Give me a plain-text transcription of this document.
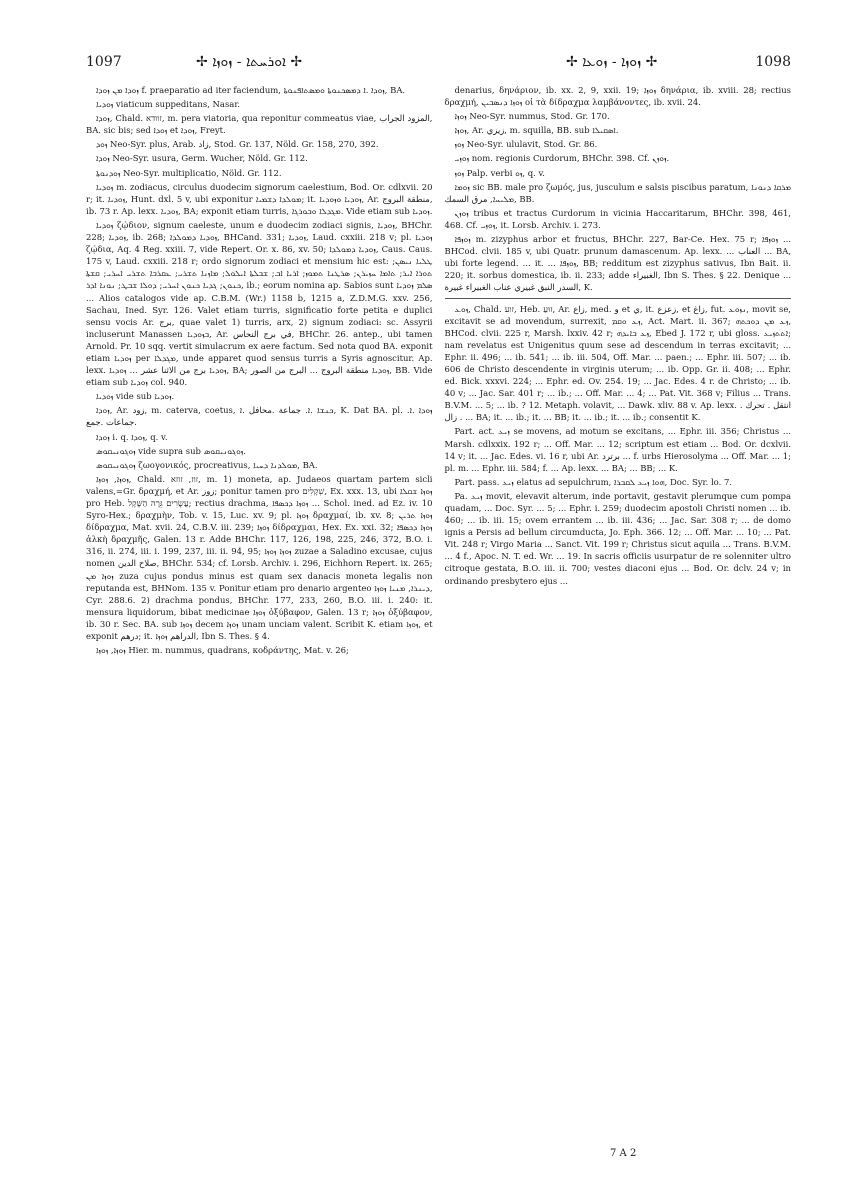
1097	✢ ܐܘܪܚܬܐ - ܙܘܙܐ ✢	✢ ܙܘܙܐ - ܙܘܥܐ ✢	1098

ܙܘܕܐ ܡܢ ܙܘܕܐ f. praeparatio ad iter faciendum, ܙܘܕܐ .ܐ ܕܡܣܟܢܘܬܐ ܘܡܣܬܐܦܢܘܬܐ, BA.

ܙܘܕܝܐ viaticum suppeditans, Nasar.

ܙܘܕܐ, Chald. זוודא, m. pera viatoria, qua reponitur commeatus viae, المزود الجراب, BA. sic bis; sed ܙܘܕܐ et ܙܘܕܐ, Freyt.

ܙܘܕ Neo-Syr. plus, Arab. زاد, Stod. Gr. 137, Nöld. Gr. 158, 270, 392.

ܙܘܕܐ Neo-Syr. usura, Germ. Wucher, Nöld. Gr. 112.

ܙܘܕܢܘܬܐ Neo-Syr. multiplicatio, Nöld. Gr. 112.

ܙܘܕܝܐ m. zodiacus, circulus duodecim signorum caelestium, Bod. Or. cdlxvii. 20 r; it. ܙܘܕܝܐ, Hunt. dxl. 5 v, ubi exponitur ܡܘܠܕܐ ܕܫܡܝܐ; it. ܙܘܕܝܐ ܘܙܘܕܝܐ, Ar. منطقة البروج, ib. 73 r. Ap. lexx. ܙܘܕܝܐ, BA; exponit etiam turris, ܡܓܕܠܐ ܘܒܘܪܓܐ. Vide etiam sub ܙܘܕܝܐ.

ܙܘܕܝܐ ζῴδιον, signum caeleste, unum e duodecim zodiaci signis, ܙܘܕܝܐ, BHChr. 228; ܙܘܕܝܐ, ib. 268; ܙܘܕܝܐ ܕܡܘܠܕܐ, BHCand. 331; ܙܘܕܝܐ, Laud. cxxiii. 218 v; pl. ܙܘܕܝܐ ζῴδια, Aq. 4 Reg. xxiii. 7, vide Repert. Or. x. 86, xv. 50; ܙܘܕܝܐ ܕܡܘܠܕܐ, Caus. Caus. 175 v, Laud. cxxiii. 218 r; ordo signorum zodiaci et mensium hic est: ܛܠܝܐ ܢܝܣܢ; ܬܘܪܐ ܐܝܪ; ܬܐܡܐ ܚܙܝܪܢ; ܣܪܛܢܐ ܬܡܘܙ; ܐܪܝܐ ܐܒ; ܫܒܠܬܐ ܐܝܠܘܠ; ܡܐܙܢܐ ܬܫܪܝ; ܥܩܪܒܐ ܬܫܪܝ ܐܚܪܝ; ܩܫܬܐ ܟܢܘܢ; ܓܕܝܐ ܟܢܘܢ ܐܚܪܝ; ܕܘܠܐ ܫܒܛ; ܢܘܢܐ ܐܕܪ, ib.; eorum nomina ap. Sabios sunt ܣܠܡ ܙܘܕܝܐ ... Alios catalogos vide ap. C.B.M. (Wr.) 1158 b, 1215 a, Z.D.M.G. xxv. 256, Sachau, Ined. Syr. 126. Valet etiam turris, significatio forte petita e duplici sensu vocis Ar. برج, quae valet 1) turris, arx, 2) signum zodiaci: sc. Assyrii incluserunt Manassen ܒܙܘܕܝܐ, Ar. في برج النحاس, BHChr. 26. antep., ubi tamen Arnold. Pr. 10 sqq. vertit simulacrum ex aere factum. Sed nota quod BA. exponit etiam ܙܘܕܝܐ per ܡܓܕܠܐ, unde apparet quod sensus turris a Syris agnoscitur. Ap. lexx. ܙܘܕܝܐ برج من الاثنا عشر ... ܙܘܕܝܐ, BA; ܙܘܕܝܐ منطقة البروج ... البرج من الصور, BB. Vide etiam sub ܙܘܕܝܐ col. 940.

ܙܘܕܝܐ vide sub ܙܘܕܝܐ.

ܙܘܕܐ, Ar. زود, m. caterva, coetus, ܟܢܫܐ .ܐ. جماعة .محافل .ܐ, K. Dat BA. pl. ܙܘܕܐ .ܐ. جماعات .جمع.

ܙܘܕܐ i. q. ܙܘܕܐ, q. v.

ܙܘܓܘܢܝܩܘܣ vide supra sub ܙܘܓܘܢܝܩܘܣ.

ܙܘܓܘܢܝܩܘܣ ζωογονικός, procreativus, ܡܘܠܕܢܐ ܕܚܝܐ, BA.

ܙܘܙܐ, ܙܘܙܐ, Chald. זוז, זוזא, m. 1) moneta, ap. Judaeos quartam partem sicli valens,=Gr. δραχμή, et Ar. زوز; ponitur tamen pro שְׁקָלִים, Ex. xxx. 13, ubi ܙܘܙܐ ܫܩܠܐ pro Heb. עֲשָׂרִים גֵּרָה הַשָּׁקֶל; rectius drachma, ܙܘܙܐ ܕܟܣܦܐ ... Schol. ined. ad Ez. iv. 10 Syro-Hex.; δραχμὴν, Tob. v. 15, Luc. xv. 9; pl. ܙܘܙܐ δραχμαί, ib. xv. 8; ܙܘܙܐ ܬܪܝܢ δίδραχμα, Mat. xvii. 24, C.B.V. iii. 239; ܙܘܙܐ δίδραχμαι, Hex. Ex. xxi. 32; ܙܘܙܐ ܕܟܣܦܐ ἀλκὴ δραχμῆς, Galen. 13 r. Adde BHChr. 117, 126, 198, 225, 246, 372, B.O. i. 316, ii. 274, iii. i. 199, 237, iii. ii. 94, 95; ܙܘܙܐ ܙܘܙܐ zuzae a Saladino excusae, cujus nomen صلاح الدين, BHChr. 534; cf. Lorsb. Archiv. i. 296, Eichhorn Repert. ix. 265; ܙܘܙܐ ܡܢ zuza cujus pondus minus est quam sex danacis moneta legalis non reputanda est, BHNom. 135 v. Ponitur etiam pro denario argenteo ܕܝܢܪܐ, ܡܢܝܐ ܙܘܙܐ, Cyr. 288.6. 2) drachma pondus, BHChr. 177, 233, 260, B.O. iii. i. 240: it. mensura liquidorum, bibat medicinae ܙܘܙܐ ὀξύβαφον, Galen. 13 r; ܙܘܙܐ ὀξύβαφον, ib. 30 r. Sec. BA. sub ܙܘܙܐ decem ܙܘܙܐ unam unciam valent. Scribit K. etiam ܙܘܙܐ, et exponit درهم; it. الدراهم ܙܘܙܐ, Ibn S. Thes. § 4.

ܙܘܙܐ, ܙܘܙܐ Hier. m. nummus, quadrans, κοδράντης, Mat. v. 26;

denarius, δηνάριον, ib. xx. 2, 9, xxii. 19; ܙܘܙܐ δηνάρια, ib. xviii. 28; rectius δραχμή, ܙܘܙܐ ܕܢܣܒܝܢ οἱ τὰ δίδραχμα λαμβάνοντες, ib. xvii. 24.

ܙܘܙܐ Neo-Syr. nummus, Stod. Gr. 170.

ܙܘܙܐ, Ar. زيزي, m. squilla, BB. sub ܐܣܩܝܠܐ.

ܙܘܙ Neo-Syr. ululavit, Stod. Gr. 86.

ܙܘܙܝ nom. regionis Curdorum, BHChr. 398. Cf. ܙܘܙܢ.

ܙܘܙ Palp. verbi ܙܘ, q. v.

ܙܘܡܐ sic BB. male pro ζωμός, jus, jusculum e salsis piscibus paratum, ܡܪܩܐ ܕܢܘܢܐ ܡܠܝܚܐ, مرق السمك, BB.

ܙܘܙܢ tribus et tractus Curdorum in vicinia Haccaritarum, BHChr. 398, 461, 468. Cf. ܙܘܙܝ, it. Lorsb. Archiv. i. 273.

ܙܘܙܦܐ m. zizyphus arbor et fructus, BHChr. 227, Bar-Ce. Hex. 75 r; ܙܘܙܦܐ ... BHCod. clvii. 185 v, ubi Quatr. prunum damascenum. Ap. lexx. ... العناب ... BA, ubi forte legend. ... it. ... ܙܘܙܦܐ, BB; redditum est zizyphus sativus, Ibn Bait. ii. 220; it. sorbus domestica, ib. ii. 233; adde الغبيراء, Ibn S. Thes. § 22. Denique ... السدر النبق غبيري عناب الغبيراء غبيرة, K.

ܙܘܥ, Chald. זוע, Heb. זוּעַ, Ar. زاع, med. و et ي, it. زعزع, et زاغ, fut. ܢܙܘܥ, movit se, excitavit se ad movendum, surrexit, ܙܥ ܘܩܡ, Act. Mart. ii. 367; ܙܥ ܡܢ ܕܘܟܬܗ, BHCod. clvii. 225 r, Marsh. lxxiv. 42 r; ܙܥ ܒܐܝܕܗ, Ebed J. 172 r, ubi gloss. ܐܬܬܙܝܥ; nam revelatus est Unigenitus quum sese ad descendum in terras excitavit; ... Ephr. ii. 496; ... ib. 541; ... ib. iii. 504, Off. Mar. ... paen.; ... Ephr. iii. 507; ... ib. 606 de Christo descendente in virginis uterum; ... ib. Opp. Gr. ii. 408; ... Ephr. ed. Bick. xxxvi. 224; ... Ephr. ed. Ov. 254. 19; ... Jac. Edes. 4 r. de Christo; ... ib. 40 v; ... Jac. Sar. 401 r; ... ib.; ... Off. Mar. ... 4; ... Pat. Vit. 368 v; Filius ... Trans. B.V.M. ... 5; ... ib. ? 12. Metaph. volavit, ... Dawk. xliv. 88 v. Ap. lexx. انتقل . تحرك . زال . ... BA; it. ... ib.; it. ... BB; it. ... ib.; it. ... ib.; consentit K.

Part. act. ܙܝܥ se movens, ad motum se excitans, ... Ephr. iii. 356; Christus ... Marsh. cdlxxix. 192 r; ... Off. Mar. ... 12; scriptum est etiam ... Bod. Or. dcxlvii. 14 v; it. ... Jac. Edes. vi. 16 r, ubi Ar. برترد ... f. urbs Hierosolyma ... Off. Mar. ... 1; pl. m. ... Ephr. iii. 584; f. ... Ap. lexx. ... BA; ... BB; ... K.

Part. pass. ܙܝܥ elatus ad sepulchrum, ܗܘܐ ܙܝܥ ܠܩܒܪܐ, Doc. Syr. lo. 7.

Pa. ܙܝܥ movit, elevavit alterum, inde portavit, gestavit plerumque cum pompa quadam, ... Doc. Syr. ... 5; ... Ephr. i. 259; duodecim apostoli Christi nomen ... ib. 460; ... ib. iii. 15; ovem errantem ... ib. iii. 436; ... Jac. Sar. 308 r; ... de domo ignis a Persis ad bellum circumducta, Jo. Eph. 366. 12; ... Off. Mar. ... 10; ... Pat. Vit. 248 r; Virgo Maria ... Sanct. Vit. 199 r; Christus sicut aquila ... Trans. B.V.M. ... 4 f., Apoc. N. T. ed. Wr. ... 19. In sacris officiis usurpatur de re solenniter ultro citroque gestata, B.O. iii. ii. 700; vestes diaconi ejus ... Bod. Or. dclv. 24 v; in ordinando presbytero ejus ...

7 A 2
